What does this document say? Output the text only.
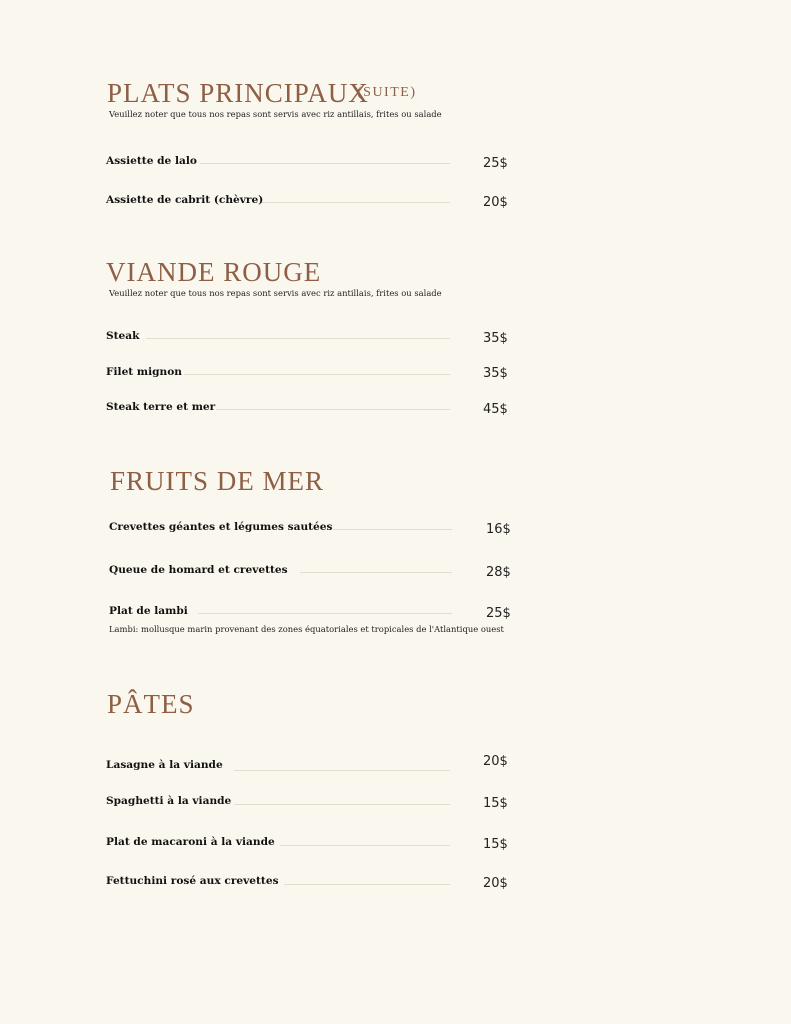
PLATS PRINCIPAUX
(SUITE)
Veuillez noter que tous nos repas sont servis avec riz antillais, frites ou salade
Assiette de lalo	25$
Assiette de cabrit (chèvre)	20$
VIANDE ROUGE
Veuillez noter que tous nos repas sont servis avec riz antillais, frites ou salade
Steak	35$
Filet mignon	35$
Steak terre et mer	45$
FRUITS DE MER
Crevettes géantes et légumes sautées	16$
Queue de homard et crevettes	28$
Plat de lambi	25$
Lambi: mollusque marin provenant des zones équatoriales et tropicales de l'Atlantique ouest
PÂTES
Lasagne à la viande	20$
Spaghetti à la viande	15$
Plat de macaroni à la viande	15$
Fettuchini rosé aux crevettes	20$
